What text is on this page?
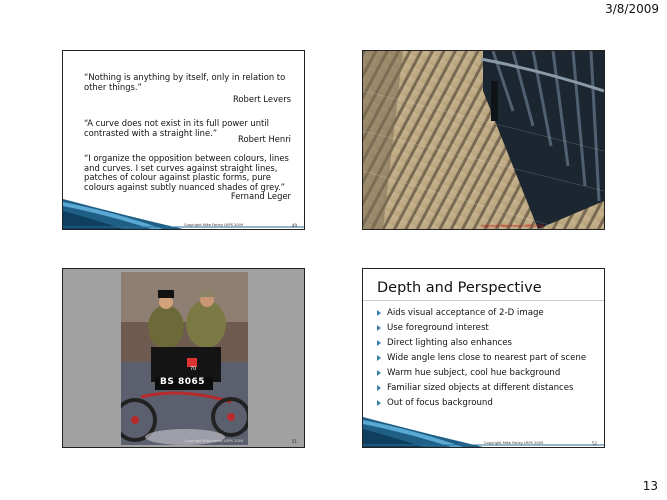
3/8/2009
“Nothing is anything by itself, only in relation to other things.”
Robert Levers
“A curve does not exist in its full power until contrasted with a straight line.”
Robert Henri
“I organize the opposition between colours, lines and curves. I set curves against straight lines, patches of colour against plastic forms, pure colours against subtly nuanced shades of grey.”
Fernand Leger
Copyright Mike Farley LRPS 2009	49	Copyright Mike Farley LRPS 2009
BS 8065
70
Copyright Mike Farley LRPS 2009	51
Depth and Perspective
Aids visual acceptance of 2-D image
Use foreground interest
Direct lighting also enhances
Wide angle lens close to nearest part of scene
Warm hue subject, cool hue background
Familiar sized objects at different distances
Out of focus background
Copyright Mike Farley LRPS 2009	52
13
